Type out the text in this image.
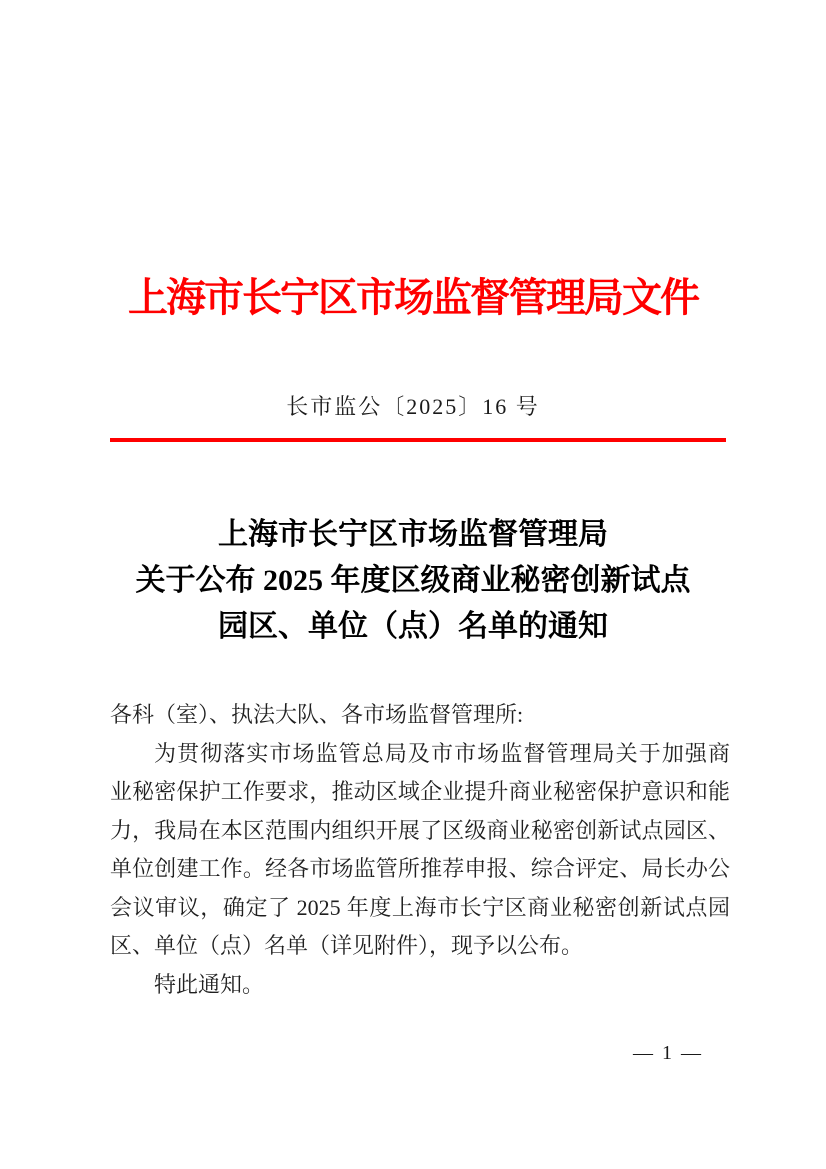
上海市长宁区市场监督管理局文件
长市监公〔2025〕16 号
上海市长宁区市场监督管理局
关于公布 2025 年度区级商业秘密创新试点
园区、单位（点）名单的通知
各科（室）、执法大队、各市场监督管理所:
为贯彻落实市场监管总局及市市场监督管理局关于加强商
业秘密保护工作要求，推动区域企业提升商业秘密保护意识和能
力，我局在本区范围内组织开展了区级商业秘密创新试点园区、
单位创建工作。经各市场监管所推荐申报、综合评定、局长办公
会议审议，确定了 2025 年度上海市长宁区商业秘密创新试点园
区、单位（点）名单（详见附件），现予以公布。
特此通知。
— 1 —
